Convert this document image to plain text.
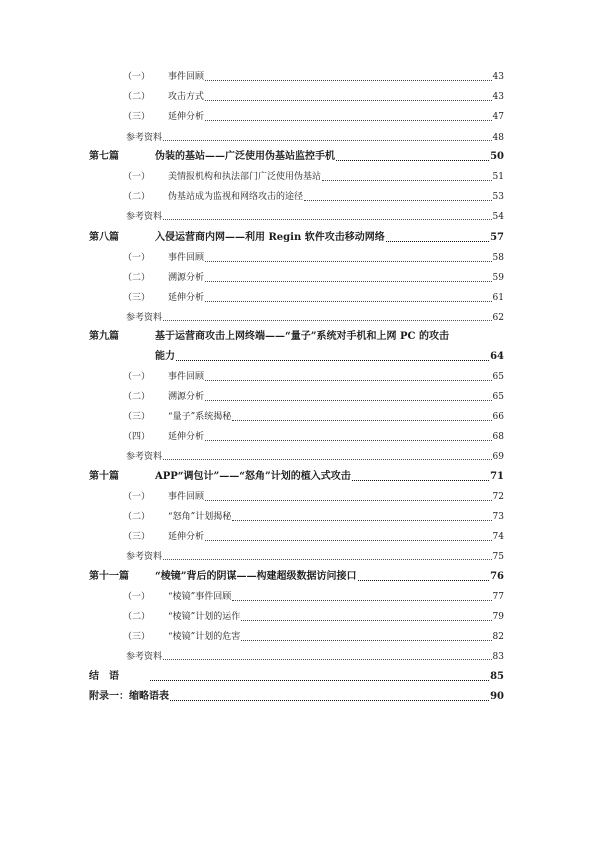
（一） 事件回顾	43
（二） 攻击方式	43
（三） 延伸分析	47
参考资料	48
第七篇	伪装的基站——广泛使用伪基站监控手机	50
（一） 美情报机构和执法部门广泛使用伪基站	51
（二） 伪基站成为监视和网络攻击的途径	53
参考资料	54
第八篇	入侵运营商内网——利用 Regin 软件攻击移动网络	57
（一） 事件回顾	58
（二） 溯源分析	59
（三） 延伸分析	61
参考资料	62
第九篇	基于运营商攻击上网终端——“量子”系统对手机和上网 PC 的攻击
能力	64
（一） 事件回顾	65
（二） 溯源分析	65
（三） “量子”系统揭秘	66
（四） 延伸分析	68
参考资料	69
第十篇	APP“调包计”——“怒角”计划的植入式攻击	71
（一） 事件回顾	72
（二） “怒角”计划揭秘	73
（三） 延伸分析	74
参考资料	75
第十一篇	“棱镜”背后的阴谋——构建超级数据访问接口	76
（一） “棱镜”事件回顾	77
（二） “棱镜”计划的运作	79
（三） “棱镜”计划的危害	82
参考资料	83
结　语	85
附录一：缩略语表	90
